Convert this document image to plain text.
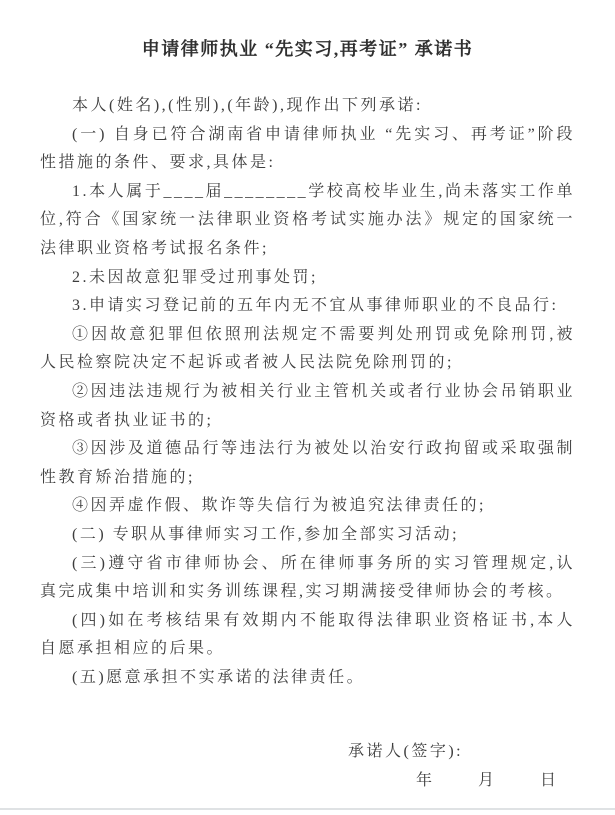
申请律师执业 “先实习,再考证” 承诺书

本人(姓名),(性别),(年龄),现作出下列承诺:

(一) 自身已符合湖南省申请律师执业 “先实习、再考证”阶段性措施的条件、要求,具体是:

1.本人属于____届________学校高校毕业生,尚未落实工作单位,符合《国家统一法律职业资格考试实施办法》规定的国家统一法律职业资格考试报名条件;

2.未因故意犯罪受过刑事处罚;

3.申请实习登记前的五年内无不宜从事律师职业的不良品行:

①因故意犯罪但依照刑法规定不需要判处刑罚或免除刑罚,被人民检察院决定不起诉或者被人民法院免除刑罚的;

②因违法违规行为被相关行业主管机关或者行业协会吊销职业资格或者执业证书的;

③因涉及道德品行等违法行为被处以治安行政拘留或采取强制性教育矫治措施的;

④因弄虚作假、欺诈等失信行为被追究法律责任的;

(二) 专职从事律师实习工作,参加全部实习活动;

(三)遵守省市律师协会、所在律师事务所的实习管理规定,认真完成集中培训和实务训练课程,实习期满接受律师协会的考核。

(四)如在考核结果有效期内不能取得法律职业资格证书,本人自愿承担相应的后果。

(五)愿意承担不实承诺的法律责任。

承诺人(签字):

年　　 月　　 日
